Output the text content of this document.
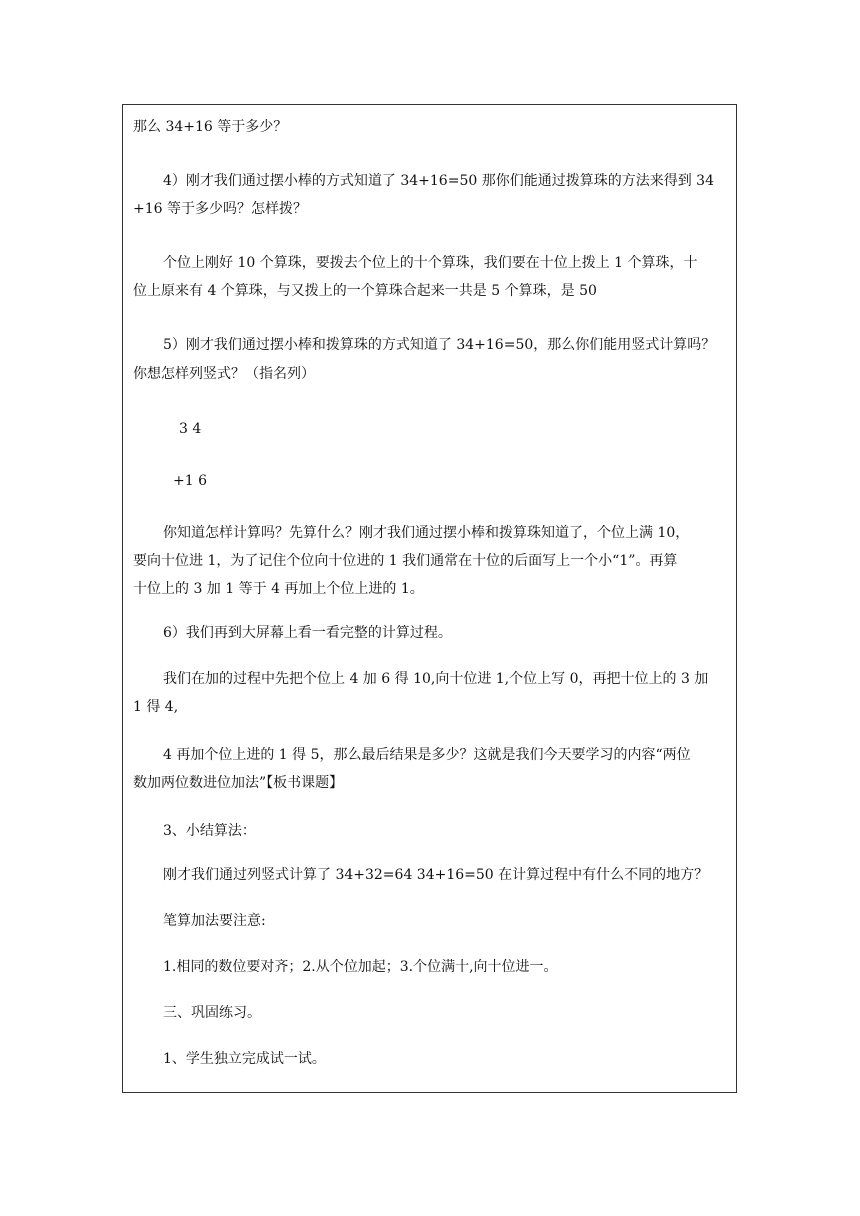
那么 34+16 等于多少？

4）刚才我们通过摆小棒的方式知道了 34+16=50 那你们能通过拨算珠的方法来得到 34

+16 等于多少吗？怎样拨？

个位上刚好 10 个算珠，要拨去个位上的十个算珠，我们要在十位上拨上 1 个算珠，十

位上原来有 4 个算珠，与又拨上的一个算珠合起来一共是 5 个算珠，是 50

5）刚才我们通过摆小棒和拨算珠的方式知道了 34+16=50，那么你们能用竖式计算吗？

你想怎样列竖式？（指名列）

3 4

+1 6

你知道怎样计算吗？先算什么？刚才我们通过摆小棒和拨算珠知道了，个位上满 10，

要向十位进 1，为了记住个位向十位进的 1 我们通常在十位的后面写上一个小“1”。再算

十位上的 3 加 1 等于 4 再加上个位上进的 1。

6）我们再到大屏幕上看一看完整的计算过程。

我们在加的过程中先把个位上 4 加 6 得 10,向十位进 1,个位上写 0，再把十位上的 3 加

1 得 4,

4 再加个位上进的 1 得 5，那么最后结果是多少？这就是我们今天要学习的内容“两位

数加两位数进位加法”【板书课题】

3、小结算法：

刚才我们通过列竖式计算了 34+32=64 34+16=50 在计算过程中有什么不同的地方？

笔算加法要注意:

1.相同的数位要对齐；2.从个位加起；3.个位满十,向十位进一。

三、巩固练习。

1、学生独立完成试一试。
